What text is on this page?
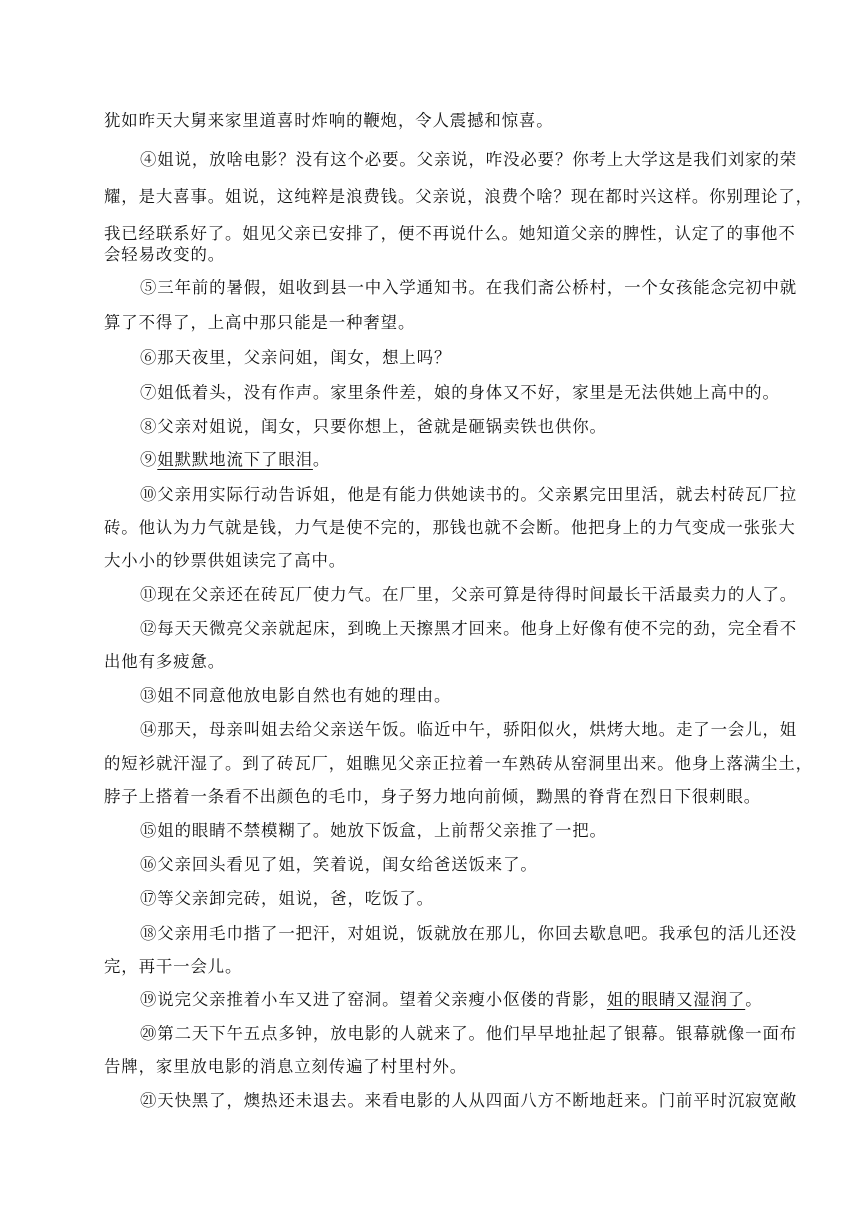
犹如昨天大舅来家里道喜时炸响的鞭炮，令人震撼和惊喜。
④姐说，放啥电影？没有这个必要。父亲说，咋没必要？你考上大学这是我们刘家的荣
耀，是大喜事。姐说，这纯粹是浪费钱。父亲说，浪费个啥？现在都时兴这样。你别理论了，
我已经联系好了。姐见父亲已安排了，便不再说什么。她知道父亲的脾性，认定了的事他不
会轻易改变的。
⑤三年前的暑假，姐收到县一中入学通知书。在我们斋公桥村，一个女孩能念完初中就
算了不得了，上高中那只能是一种奢望。
⑥那天夜里，父亲问姐，闺女，想上吗？
⑦姐低着头，没有作声。家里条件差，娘的身体又不好，家里是无法供她上高中的。
⑧父亲对姐说，闺女，只要你想上，爸就是砸锅卖铁也供你。
⑨姐默默地流下了眼泪。
⑩父亲用实际行动告诉姐，他是有能力供她读书的。父亲累完田里活，就去村砖瓦厂拉
砖。他认为力气就是钱，力气是使不完的，那钱也就不会断。他把身上的力气变成一张张大
大小小的钞票供姐读完了高中。
⑪现在父亲还在砖瓦厂使力气。在厂里，父亲可算是待得时间最长干活最卖力的人了。
⑫每天天微亮父亲就起床，到晚上天擦黑才回来。他身上好像有使不完的劲，完全看不
出他有多疲惫。
⑬姐不同意他放电影自然也有她的理由。
⑭那天，母亲叫姐去给父亲送午饭。临近中午，骄阳似火，烘烤大地。走了一会儿，姐
的短衫就汗湿了。到了砖瓦厂，姐瞧见父亲正拉着一车熟砖从窑洞里出来。他身上落满尘土，
脖子上搭着一条看不出颜色的毛巾，身子努力地向前倾，黝黑的脊背在烈日下很刺眼。
⑮姐的眼睛不禁模糊了。她放下饭盒，上前帮父亲推了一把。
⑯父亲回头看见了姐，笑着说，闺女给爸送饭来了。
⑰等父亲卸完砖，姐说，爸，吃饭了。
⑱父亲用毛巾揩了一把汗，对姐说，饭就放在那儿，你回去歇息吧。我承包的活儿还没
完，再干一会儿。
⑲说完父亲推着小车又进了窑洞。望着父亲瘦小伛偻的背影，姐的眼睛又湿润了。
⑳第二天下午五点多钟，放电影的人就来了。他们早早地扯起了银幕。银幕就像一面布
告牌，家里放电影的消息立刻传遍了村里村外。
㉑天快黑了，燠热还未退去。来看电影的人从四面八方不断地赶来。门前平时沉寂宽敞
